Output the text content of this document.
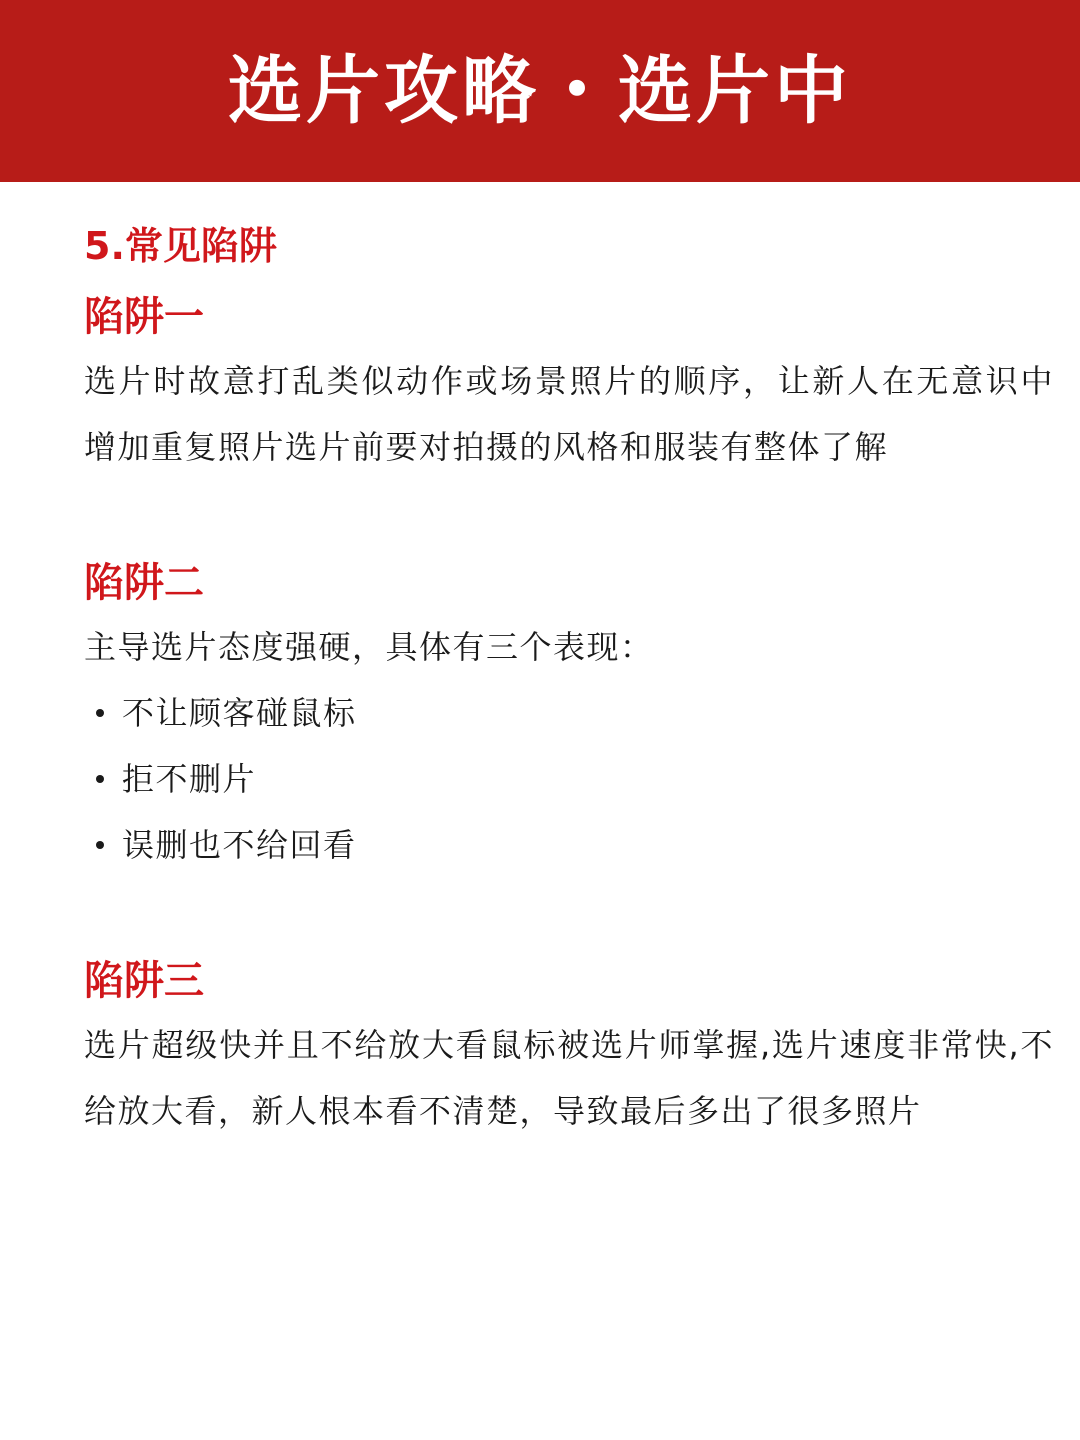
选片攻略・选片中
5.常见陷阱
陷阱一

选片时故意打乱类似动作或场景照片的顺序，让新人在无意识中增加重复照片选片前要对拍摄的风格和服装有整体了解

陷阱二

主导选片态度强硬，具体有三个表现：

不让顾客碰鼠标
拒不删片
误删也不给回看
陷阱三

选片超级快并且不给放大看鼠标被选片师掌握,选片速度非常快,不给放大看，新人根本看不清楚，导致最后多出了很多照片
